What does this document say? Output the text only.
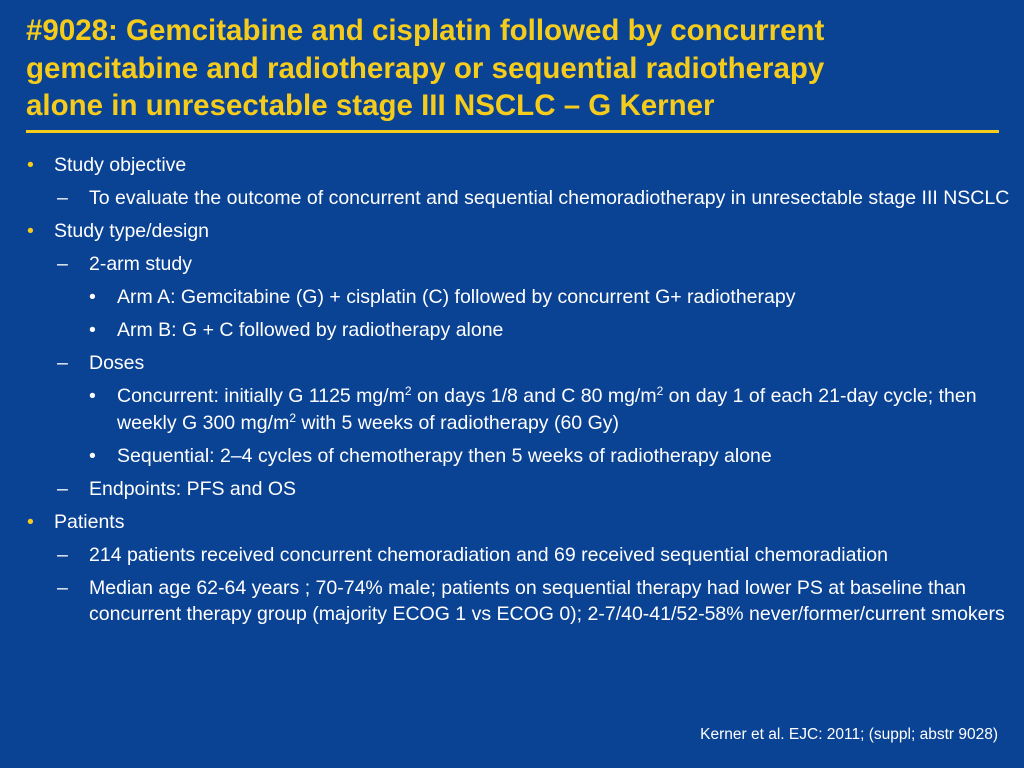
#9028: Gemcitabine and cisplatin followed by concurrent
gemcitabine and radiotherapy or sequential radiotherapy
alone in unresectable stage III NSCLC – G Kerner
• Study objective
– To evaluate the outcome of concurrent and sequential chemoradiotherapy in unresectable stage III NSCLC
• Study type/design
– 2-arm study
• Arm A: Gemcitabine (G) + cisplatin (C) followed by concurrent G+ radiotherapy
• Arm B: G + C followed by radiotherapy alone
– Doses
• Concurrent: initially G 1125 $mg/m^2$ on days 1/8 and C 80 $mg/m^2$ on day 1 of each 21-day cycle; then weekly G 300 $mg/m^2$ with 5 weeks of radiotherapy (60 Gy)
• Sequential: 2–4 cycles of chemotherapy then 5 weeks of radiotherapy alone
– Endpoints: PFS and OS
• Patients
– 214 patients received concurrent chemoradiation and 69 received sequential chemoradiation
– Median age 62-64 years ; 70-74% male; patients on sequential therapy had lower PS at baseline than concurrent therapy group (majority ECOG 1 vs ECOG 0); 2-7/40-41/52-58% never/former/current smokers
Kerner et al. EJC: 2011; (suppl; abstr 9028)
